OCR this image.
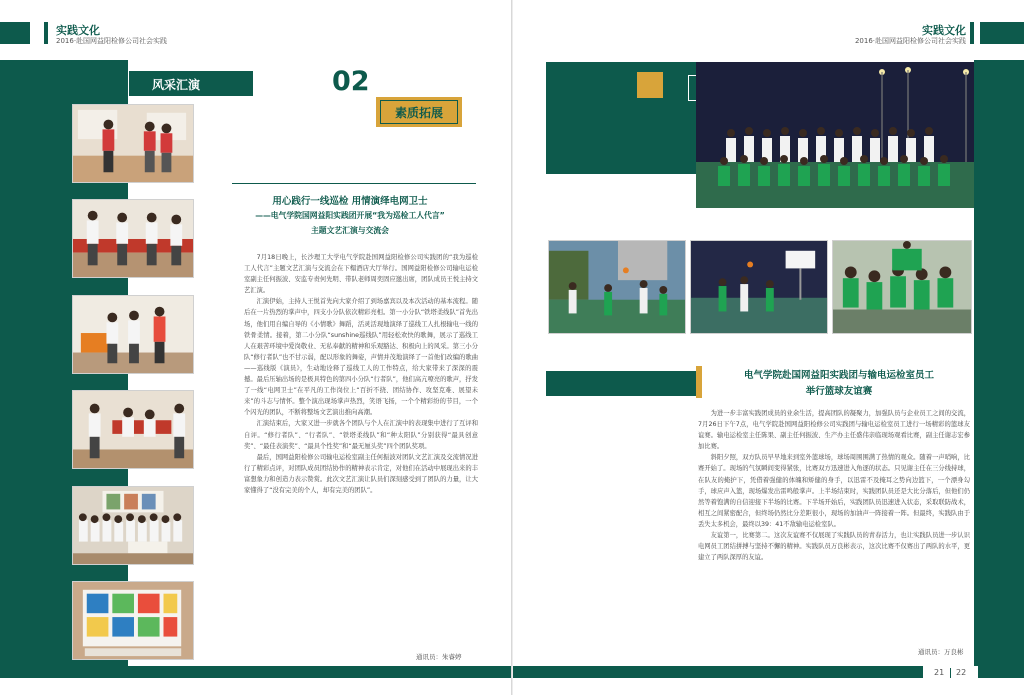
实践文化
2016·赴国网益阳检修公司社会实践
风采汇演	02
素质拓展
用心践行一线巡检 用情演绎电网卫士
——电气学院国网益阳实践团开展“我为巡检工人代言”
主题文艺汇演与交流会

7月18日晚上，长沙理工大学电气学院赴国网益阳检修公司实践团的“我为巡检工人代言”主题文艺汇演与交流会在下榻酒店大厅举行。国网益阳检修公司输电运检室副主任何振波、安监专责何先明、带队老师周奕固应邀出席，团队成员王悦主持文艺汇演。

汇演伊始，主持人王悦首先向大家介绍了到场嘉宾以及本次活动的基本流程。随后在一片热烈的掌声中，四支小分队依次精彩亮相。第一小分队“铁塔柔线队”首先出场，他们用自编自导的《小情歌》舞蹈，活灵活现地演绎了巡线工人扎根输电一线的铁骨柔情。接着，第二小分队“sunshine巡线队”用轻松欢快的歌舞，展示了巡线工人在艰苦环境中爱岗敬业、无私奉献的精神和乐观豁达、积极向上的风采。第三小分队“修行者队”也不甘示弱，配以形象的舞姿，声情并茂地演绎了一首他们改编的歌曲——巡线版《演员》，生动地诠释了巡线工人的工作特点，给大家带来了深深的震撼。最后压轴出场的是极具特色的第四小分队“行者队”，他们高亢嘹亮的歌声，抒发了一线“电网卫士”在平凡的工作岗位上“百折不挠、团结协作、攻坚克难、展望未来”的斗志与情怀。整个演出现场掌声热烈，笑语飞扬，一个个精彩纷的节目，一个个闪光的团队，不断将整场文艺演出推向高潮。

汇演结束后，大家又进一步就各个团队与个人在汇演中的表现集中进行了互评和自评。“修行者队”、“行者队”、“铁塔柔线队”和“种太阳队”分别获得“最具创意奖”、“最佳表演奖”、“最具个性奖”和“最无厘头奖”四个团队奖项。

最后，国网益阳检修公司输电运检室副主任何振波对团队文艺汇演及交流情况进行了精彩点评，对团队成员团结协作的精神表示肯定，对他们在活动中展现出来的丰富想象力和创造力表示赞赏。此次文艺汇演让队员们深刻感受到了团队的力量，让大家懂得了“没有完美的个人，却有完美的团队”。

通讯员：朱睿婷
实践文化
2016·赴国网益阳检修公司社会实践
电气学院赴国网益阳实践团与输电运检室员工
举行篮球友谊赛

为进一步丰富实践团成员的业余生活，提高团队的凝聚力，加强队员与企业员工之间的交流，7月26日下午7点，电气学院赴国网益阳检修公司实践团与输电运检室员工进行一场精彩的篮球友谊赛。输电运检室主任陈果、副主任何振波、生产办主任盛伟亲临现场观看比赛，副主任谢志宏参加比赛。

斜阳夕照，双方队员早早地来到室外篮球场，球场周围围满了热情的观众。随着一声哨响，比赛开始了。现场的气氛瞬间变得紧张，比赛双方迅速进入角逐的状态。只见谢主任在三分线持球，在队友的掩护下，凭借着强健的体魄和矫健的身手，以迅雷不及掩耳之势向边篮下，一个漂身勾手，球应声入篮，现场爆发出雷鸣般掌声。上半场结束时，实践团队员还是大比分落后，但他们仍然等着饱满的自信迎接下半场的比赛。下半场开始后，实践团队员迅速进入状态，采取联防战术，相互之间紧密配合，但终场仍然比分差距很小，现场的加油声一阵接着一阵。但最终，实践队由于丢失太多机会，最终以39：41不敌输电运检室队。

友谊第一，比赛第二。这次友谊赛不仅展现了实践队员的青春活力，也让实践队员进一步认识电网员工团结拼搏与坚持不懈的精神。实践队员万良彬表示，这次比赛不仅赛出了两队的水平，更建立了两队深厚的友谊。

通讯员：万良彬
21 22
